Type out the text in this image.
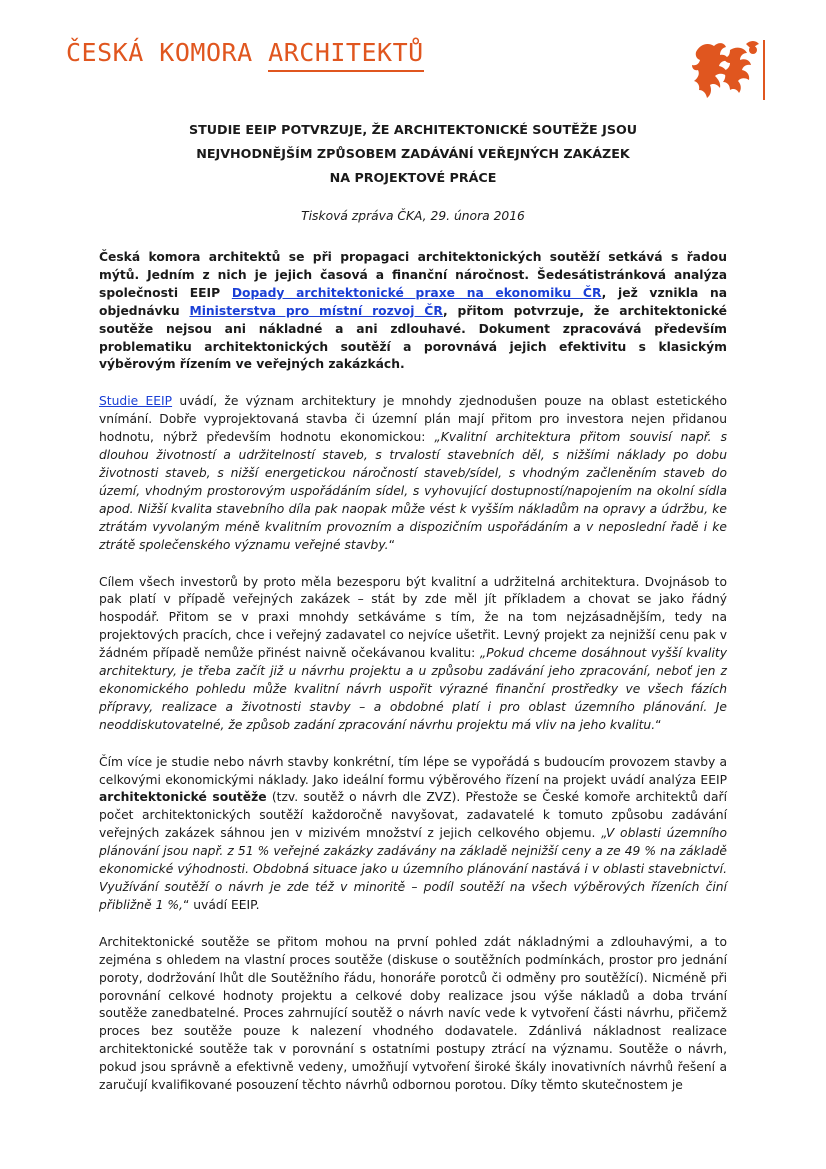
ČESKÁ KOMORA ARCHITEKTŮ
STUDIE EEIP POTVRZUJE, ŽE ARCHITEKTONICKÉ SOUTĚŽE JSOU
NEJVHODNĚJŠÍM ZPŮSOBEM ZADÁVÁNÍ VEŘEJNÝCH ZAKÁZEK
NA PROJEKTOVÉ PRÁCE

Tisková zpráva ČKA, 29. února 2016

Česká komora architektů se při propagaci architektonických soutěží setkává s řadou mýtů. Jedním z nich je jejich časová a finanční náročnost. Šedesátistránková analýza společnosti EEIP Dopady architektonické praxe na ekonomiku ČR, jež vznikla na objednávku Ministerstva pro místní rozvoj ČR, přitom potvrzuje, že architektonické soutěže nejsou ani nákladné a ani zdlouhavé. Dokument zpracovává především problematiku architektonických soutěží a porovnává jejich efektivitu s klasickým výběrovým řízením ve veřejných zakázkách.

Studie EEIP uvádí, že význam architektury je mnohdy zjednodušen pouze na oblast estetického vnímání. Dobře vyprojektovaná stavba či územní plán mají přitom pro investora nejen přidanou hodnotu, nýbrž především hodnotu ekonomickou: „Kvalitní architektura přitom souvisí např. s dlouhou životností a udržitelností staveb, s trvalostí stavebních děl, s nižšími náklady po dobu životnosti staveb, s nižší energetickou náročností staveb/sídel, s vhodným začleněním staveb do území, vhodným prostorovým uspořádáním sídel, s vyhovující dostupností/napojením na okolní sídla apod. Nižší kvalita stavebního díla pak naopak může vést k vyšším nákladům na opravy a údržbu, ke ztrátám vyvolaným méně kvalitním provozním a dispozičním uspořádáním a v neposlední řadě i ke ztrátě společenského významu veřejné stavby.“

Cílem všech investorů by proto měla bezesporu být kvalitní a udržitelná architektura. Dvojnásob to pak platí v případě veřejných zakázek – stát by zde měl jít příkladem a chovat se jako řádný hospodář. Přitom se v praxi mnohdy setkáváme s tím, že na tom nejzásadnějším, tedy na projektových pracích, chce i veřejný zadavatel co nejvíce ušetřit. Levný projekt za nejnižší cenu pak v žádném případě nemůže přinést naivně očekávanou kvalitu: „Pokud chceme dosáhnout vyšší kvality architektury, je třeba začít již u návrhu projektu a u způsobu zadávání jeho zpracování, neboť jen z ekonomického pohledu může kvalitní návrh uspořit výrazné finanční prostředky ve všech fázích přípravy, realizace a životnosti stavby – a obdobné platí i pro oblast územního plánování. Je neoddiskutovatelné, že způsob zadání zpracování návrhu projektu má vliv na jeho kvalitu.“

Čím více je studie nebo návrh stavby konkrétní, tím lépe se vypořádá s budoucím provozem stavby a celkovými ekonomickými náklady. Jako ideální formu výběrového řízení na projekt uvádí analýza EEIP architektonické soutěže (tzv. soutěž o návrh dle ZVZ). Přestože se České komoře architektů daří počet architektonických soutěží každoročně navyšovat, zadavatelé k tomuto způsobu zadávání veřejných zakázek sáhnou jen v mizivém množství z jejich celkového objemu. „V oblasti územního plánování jsou např. z 51 % veřejné zakázky zadávány na základě nejnižší ceny a ze 49 % na základě ekonomické výhodnosti. Obdobná situace jako u územního plánování nastává i v oblasti stavebnictví. Využívání soutěží o návrh je zde též v minoritě – podíl soutěží na všech výběrových řízeních činí přibližně 1 %,“ uvádí EEIP.

Architektonické soutěže se přitom mohou na první pohled zdát nákladnými a zdlouhavými, a to zejména s ohledem na vlastní proces soutěže (diskuse o soutěžních podmínkách, prostor pro jednání poroty, dodržování lhůt dle Soutěžního řádu, honoráře porotců či odměny pro soutěžící). Nicméně při porovnání celkové hodnoty projektu a celkové doby realizace jsou výše nákladů a doba trvání soutěže zanedbatelné. Proces zahrnující soutěž o návrh navíc vede k vytvoření části návrhu, přičemž proces bez soutěže pouze k nalezení vhodného dodavatele. Zdánlivá nákladnost realizace architektonické soutěže tak v porovnání s ostatními postupy ztrácí na významu. Soutěže o návrh, pokud jsou správně a efektivně vedeny, umožňují vytvoření široké škály inovativních návrhů řešení a zaručují kvalifikované posouzení těchto návrhů odbornou porotou. Díky těmto skutečnostem je
